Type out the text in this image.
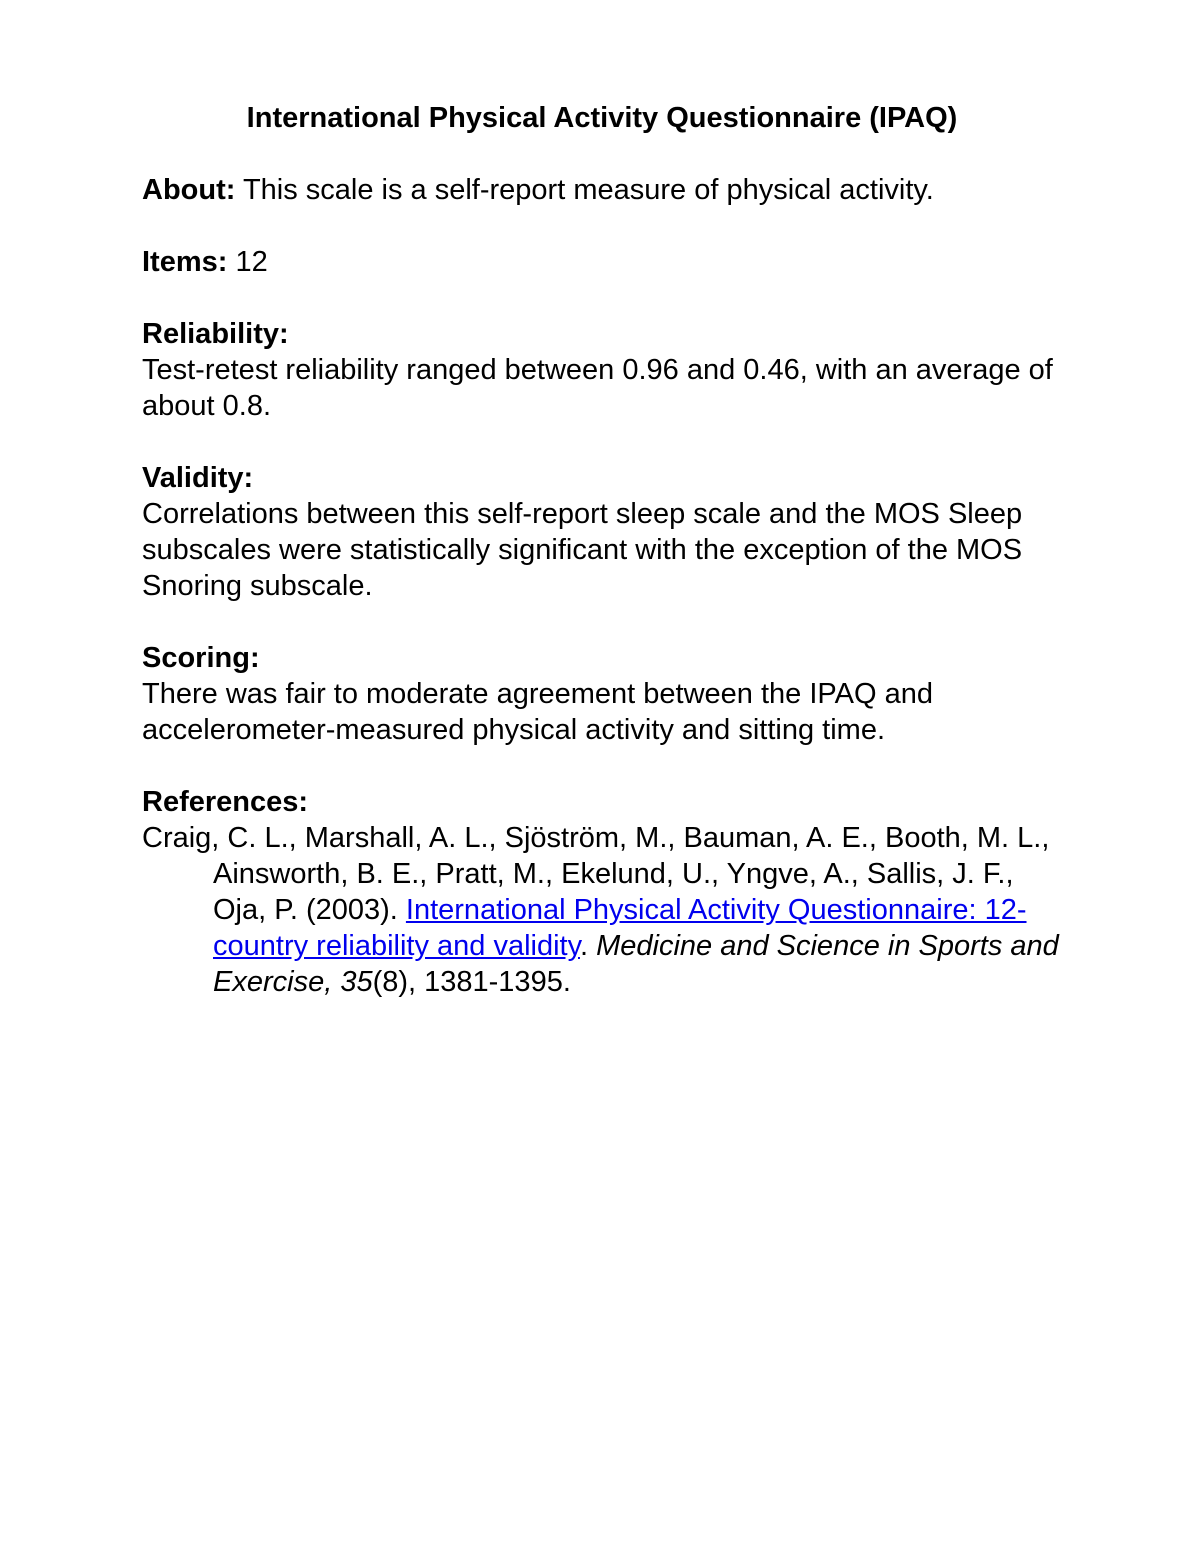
International Physical Activity Questionnaire (IPAQ)
About: This scale is a self-report measure of physical activity.
Items: 12
Reliability:
Test-retest reliability ranged between 0.96 and 0.46, with an average of about 0.8.
Validity:
Correlations between this self-report sleep scale and the MOS Sleep subscales were statistically significant with the exception of the MOS Snoring subscale.
Scoring:
There was fair to moderate agreement between the IPAQ and accelerometer-measured physical activity and sitting time.
References:

Craig, C. L., Marshall, A. L., Sjöström, M., Bauman, A. E., Booth, M. L., Ainsworth, B. E., Pratt, M., Ekelund, U., Yngve, A., Sallis, J. F., Oja, P. (2003). International Physical Activity Questionnaire: 12-country reliability and validity. Medicine and Science in Sports and Exercise, 35(8), 1381-1395.
